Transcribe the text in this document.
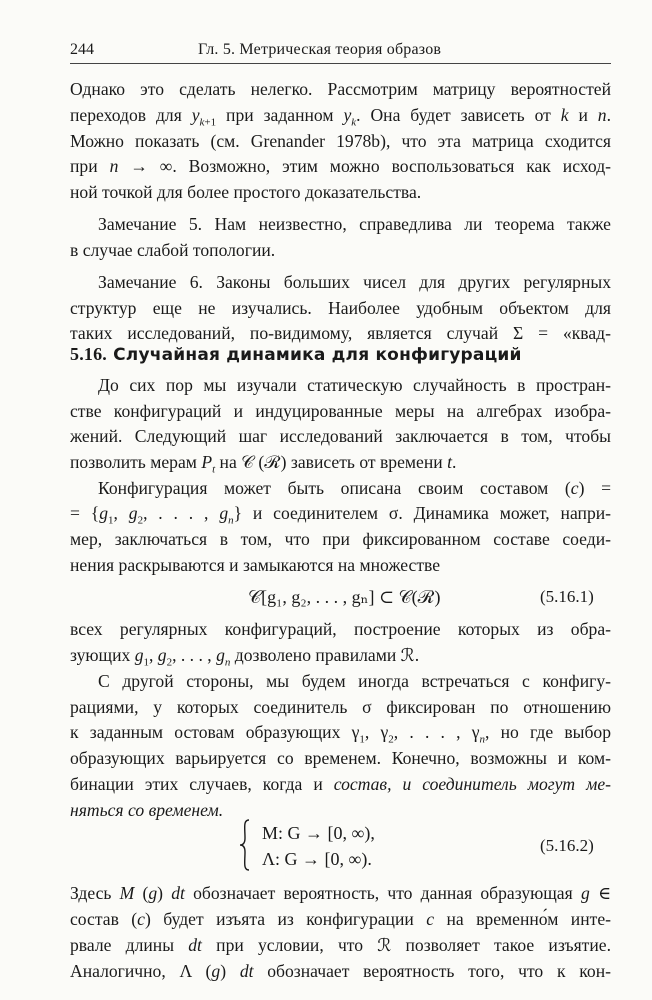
244	Гл. 5. Метрическая теория образов
Однако это сделать нелегко. Рассмотрим матрицу вероятностей
переходов для $y_{k+1}$ при заданном $y_k$. Она будет зависеть от k и n.
Можно показать (см. Grenander 1978b), что эта матрица сходится
при n → ∞. Возможно, этим можно воспользоваться как исход-
ной точкой для более простого доказательства.
Замечание 5. Нам неизвестно, справедлива ли теорема также
в случае слабой топологии.
Замечание 6. Законы больших чисел для других регулярных
структур еще не изучались. Наиболее удобным объектом для
5.16. Случайная динамика для конфигураций
До сих пор мы изучали статическую случайность в простран-
стве конфигураций и индуцированные меры на алгебрах изобра-
жений. Следующий шаг исследований заключается в том, чтобы
позволить мерам $P_t$ на 𝒞 (ℛ) зависеть от времени t.
Конфигурация может быть описана своим составом (c) =
= {$g_1$, $g_2$, . . . , $g_n$} и соединителем σ. Динамика может, напри-
мер, заключаться в том, что при фиксированном составе соеди-
нения раскрываются и замыкаются на множестве
𝒞[g₁, g₂, . . . , gₙ] ⊂ 𝒞(ℛ)	(5.16.1)
всех регулярных конфигураций, построение которых из обра-
зующих $g_1$, $g_2$, . . . , $g_n$ дозволено правилами ℛ.
С другой стороны, мы будем иногда встречаться с конфигу-
рациями, у которых соединитель σ фиксирован по отношению
к заданным остовам образующих $\gamma_1$, $\gamma_2$, . . . , $\gamma_n$, но где выбор
образующих варьируется со временем. Конечно, возможны и ком-
бинации этих случаев, когда и состав, и соединитель могут ме-
няться со временем.
M: G → [0, ∞),
Λ: G → [0, ∞).
(5.16.2)
Здесь M (g) dt обозначает вероятность, что данная образующая g ∈
состав (c) будет изъята из конфигурации c на временно́м инте-
рвале длины dt при условии, что ℛ позволяет такое изъятие.
Аналогично, Λ (g) dt обозначает вероятность того, что к кон-
таких исследований, по-видимому, является случай Σ = «квад-
